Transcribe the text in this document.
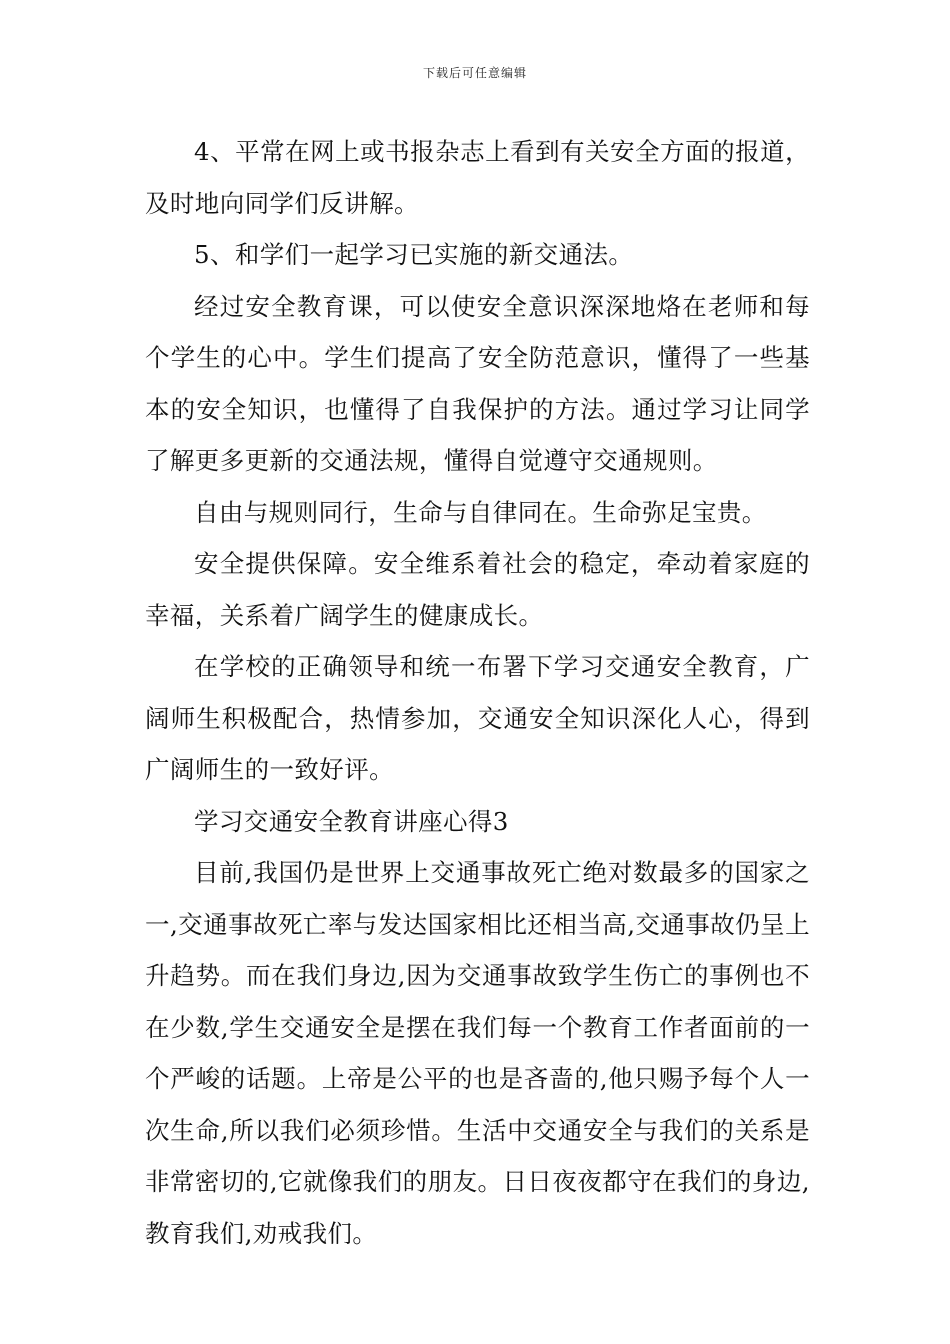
下载后可任意编辑

4、平常在网上或书报杂志上看到有关安全方面的报道，及时地向同学们反讲解。

5、和学们一起学习已实施的新交通法。

经过安全教育课，可以使安全意识深深地烙在老师和每个学生的心中。学生们提高了安全防范意识，懂得了一些基本的安全知识，也懂得了自我保护的方法。通过学习让同学了解更多更新的交通法规，懂得自觉遵守交通规则。

自由与规则同行，生命与自律同在。生命弥足宝贵。

安全提供保障。安全维系着社会的稳定，牵动着家庭的幸福，关系着广阔学生的健康成长。

在学校的正确领导和统一布署下学习交通安全教育，广阔师生积极配合，热情参加，交通安全知识深化人心，得到广阔师生的一致好评。

学习交通安全教育讲座心得3

目前,我国仍是世界上交通事故死亡绝对数最多的国家之一,交通事故死亡率与发达国家相比还相当高,交通事故仍呈上升趋势。而在我们身边,因为交通事故致学生伤亡的事例也不在少数,学生交通安全是摆在我们每一个教育工作者面前的一个严峻的话题。上帝是公平的也是吝啬的,他只赐予每个人一次生命,所以我们必须珍惜。生活中交通安全与我们的关系是非常密切的,它就像我们的朋友。日日夜夜都守在我们的身边,教育我们,劝戒我们。
